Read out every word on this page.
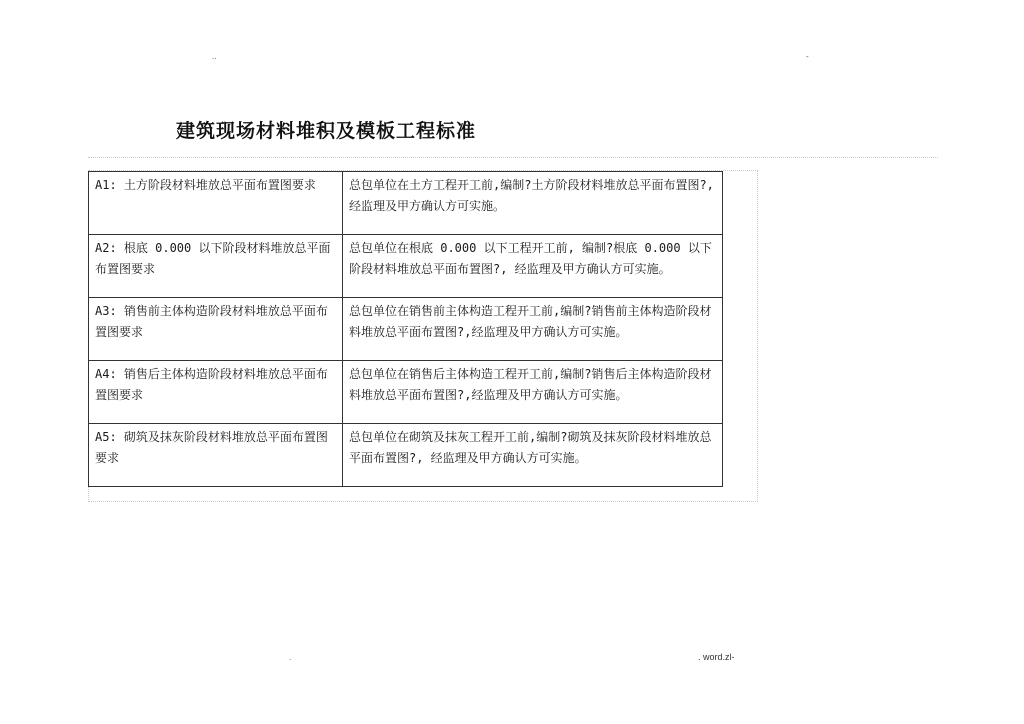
..	-
建筑现场材料堆积及模板工程标准
A1: 土方阶段材料堆放总平面布置图要求	总包单位在土方工程开工前,编制?土方阶段材料堆放总平面布置图?, 经监理及甲方确认方可实施。
A2: 根底 0.000 以下阶段材料堆放总平面布置图要求	总包单位在根底 0.000 以下工程开工前, 编制?根底 0.000 以下阶段材料堆放总平面布置图?, 经监理及甲方确认方可实施。
A3: 销售前主体构造阶段材料堆放总平面布置图要求	总包单位在销售前主体构造工程开工前,编制?销售前主体构造阶段材料堆放总平面布置图?,经监理及甲方确认方可实施。
A4: 销售后主体构造阶段材料堆放总平面布置图要求	总包单位在销售后主体构造工程开工前,编制?销售后主体构造阶段材料堆放总平面布置图?,经监理及甲方确认方可实施。
A5: 砌筑及抹灰阶段材料堆放总平面布置图要求	总包单位在砌筑及抹灰工程开工前,编制?砌筑及抹灰阶段材料堆放总平面布置图?, 经监理及甲方确认方可实施。
.	. word.zl-
